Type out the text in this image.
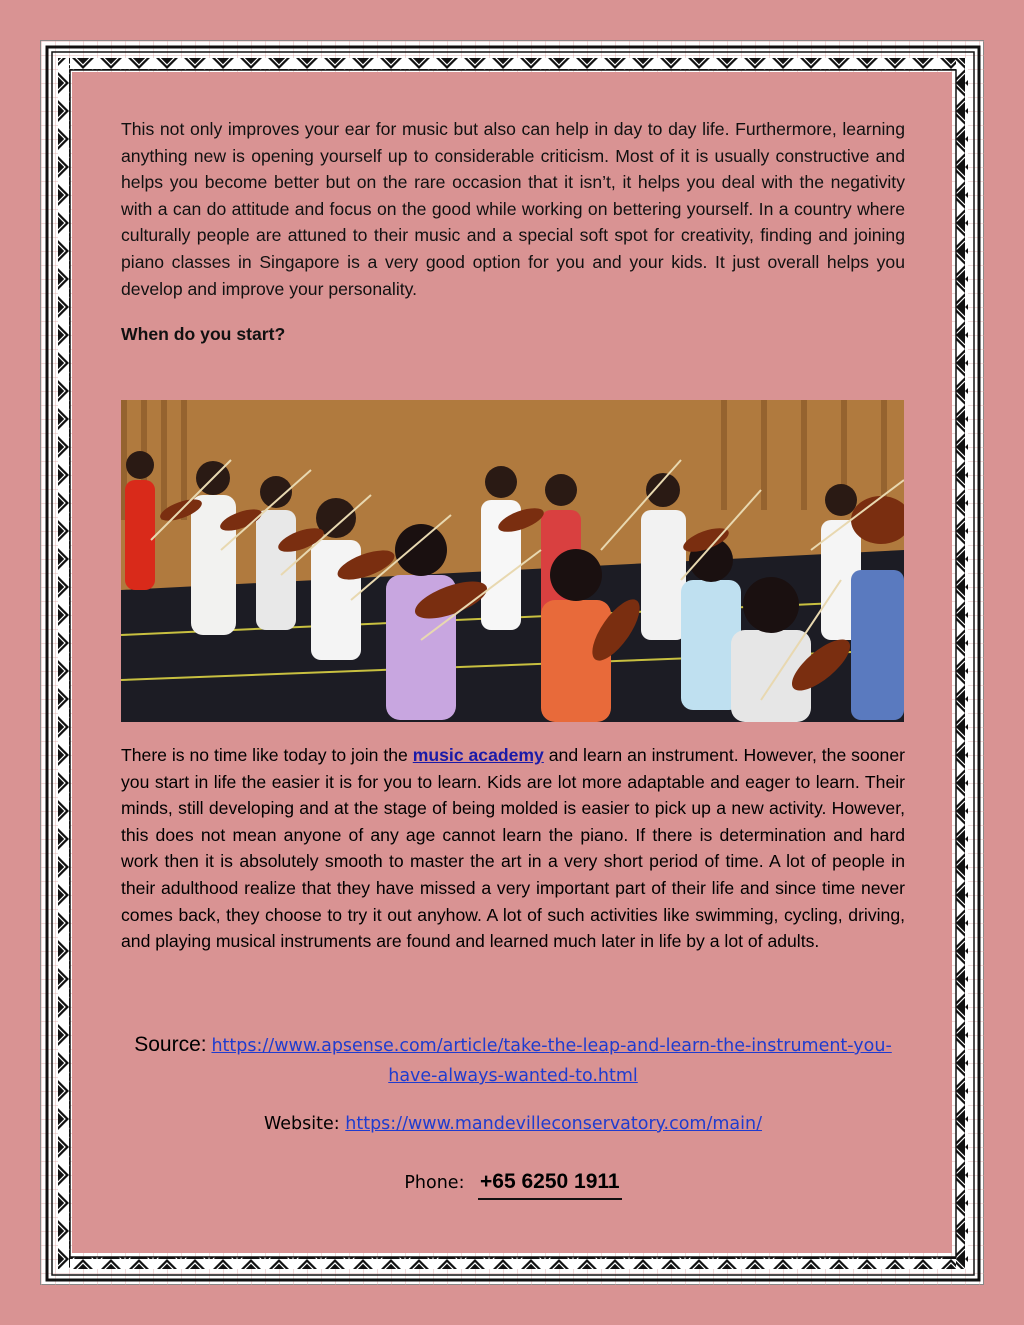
This not only improves your ear for music but also can help in day to day life. Furthermore, learning anything new is opening yourself up to considerable criticism. Most of it is usually constructive and helps you become better but on the rare occasion that it isn’t, it helps you deal with the negativity with a can do attitude and focus on the good while working on bettering yourself. In a country where culturally people are attuned to their music and a special soft spot for creativity, finding and joining piano classes in Singapore is a very good option for you and your kids. It just overall helps you develop and improve your personality.

When do you start?

There is no time like today to join the music academy and learn an instrument. However, the sooner you start in life the easier it is for you to learn. Kids are lot more adaptable and eager to learn. Their minds, still developing and at the stage of being molded is easier to pick up a new activity. However, this does not mean anyone of any age cannot learn the piano. If there is determination and hard work then it is absolutely smooth to master the art in a very short period of time. A lot of people in their adulthood realize that they have missed a very important part of their life and since time never comes back, they choose to try it out anyhow. A lot of such activities like swimming, cycling, driving, and playing musical instruments are found and learned much later in life by a lot of adults.

Source: https://www.apsense.com/article/take-the-leap-and-learn-the-instrument-you-have-always-wanted-to.html
Website: https://www.mandevilleconservatory.com/main/
Phone: +65 6250 1911
